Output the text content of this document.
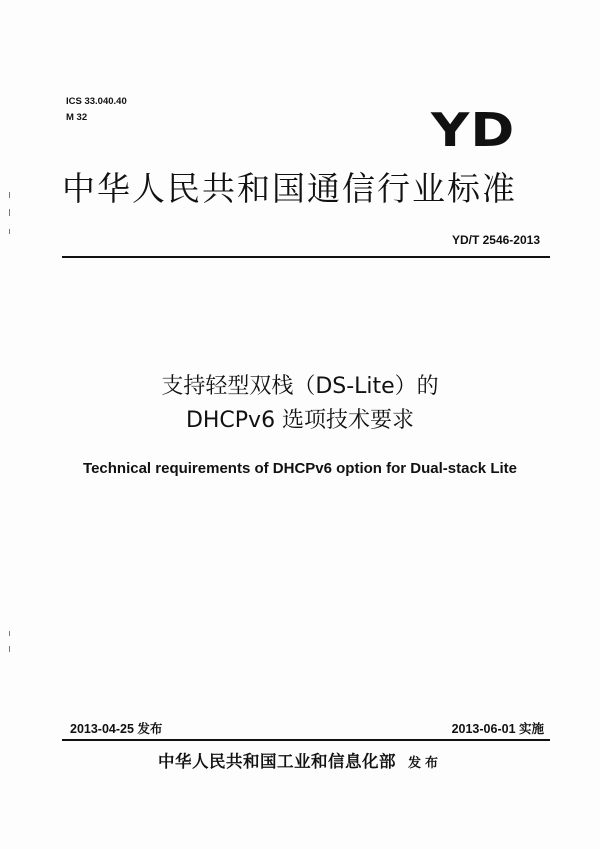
ICS 33.040.40
M 32	YD
中华人民共和国通信行业标准
YD/T 2546-2013
支持轻型双栈（DS-Lite）的
DHCPv6 选项技术要求
Technical requirements of DHCPv6 option for Dual-stack Lite
2013-04-25 发布	2013-06-01 实施
中华人民共和国工业和信息化部 发布
